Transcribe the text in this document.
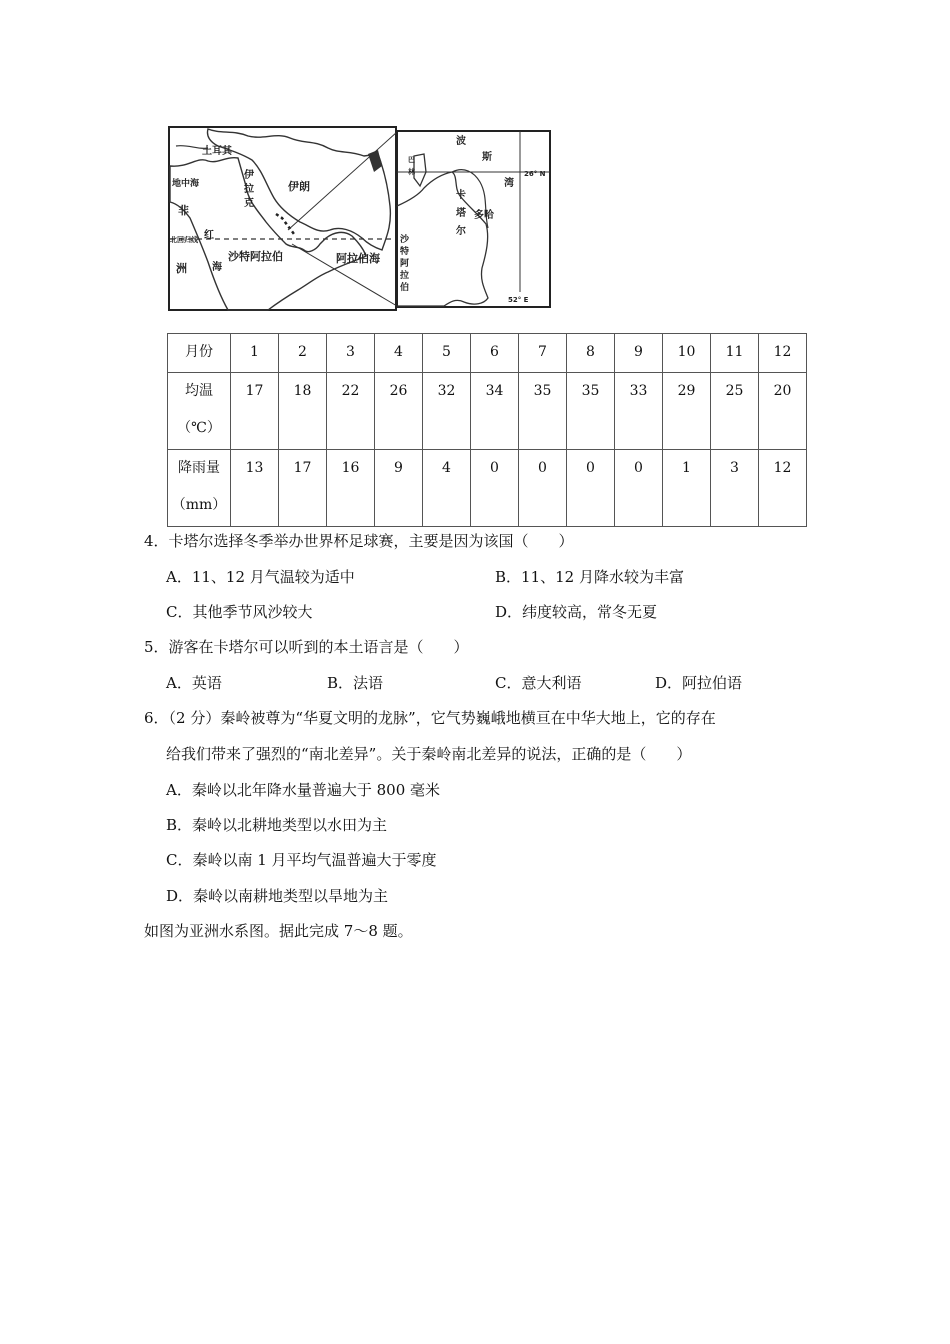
土耳其
地中海
伊
拉
克
伊朗
非
红
海
洲
沙特阿拉伯	阿拉伯海
北回归线
波
斯
湾
巴
林
卡
塔
尔
多哈
沙
特
阿
拉
伯
26° N
52° E
月份	1	2	3	4	5	6	7	8	9	10	11	12
均温
（℃）	17	18	22	26	32	34	35	35	33	29	25	20
降雨量
（mm）	13	17	16	9	4	0	0	0	0	1	3	12
4．卡塔尔选择冬季举办世界杯足球赛，主要是因为该国（　　）
A．11、12 月气温较为适中	B．11、12 月降水较为丰富
C．其他季节风沙较大	D．纬度较高，常冬无夏
5．游客在卡塔尔可以听到的本土语言是（　　）
A．英语	B．法语	C．意大利语	D．阿拉伯语
6．（2 分）秦岭被尊为“华夏文明的龙脉”，它气势巍峨地横亘在中华大地上，它的存在
给我们带来了强烈的“南北差异”。关于秦岭南北差异的说法，正确的是（　　）
A．秦岭以北年降水量普遍大于 800 毫米
B．秦岭以北耕地类型以水田为主
C．秦岭以南 1 月平均气温普遍大于零度
D．秦岭以南耕地类型以旱地为主
如图为亚洲水系图。据此完成 7～8 题。
